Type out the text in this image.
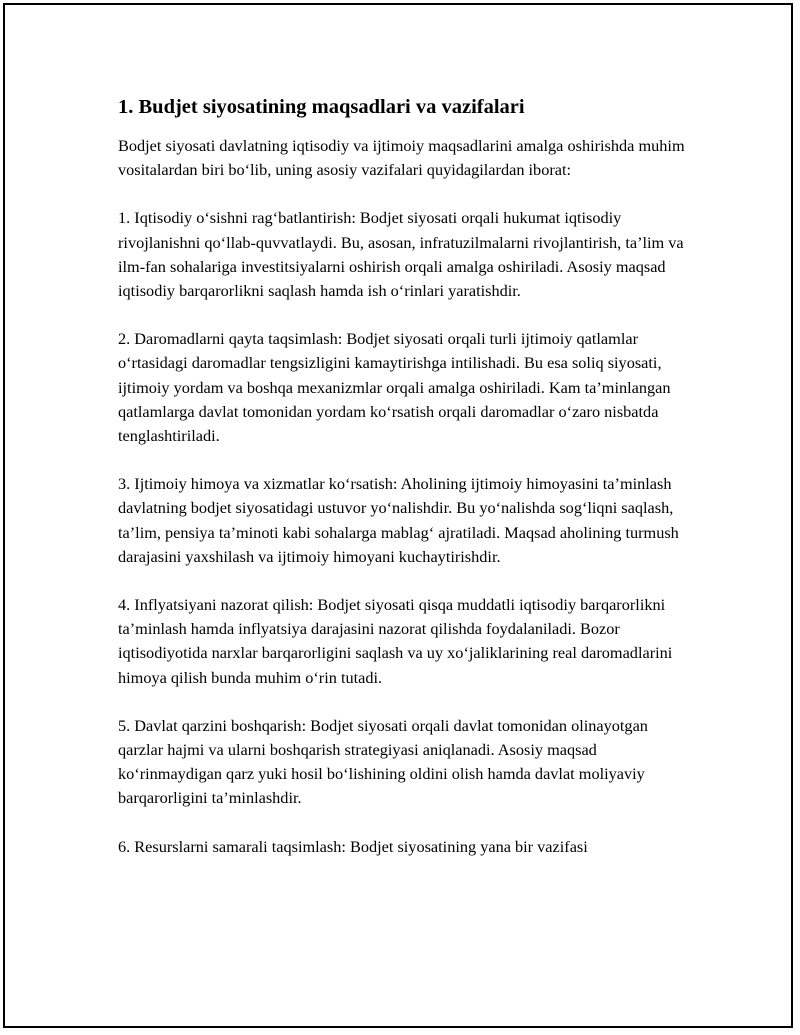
1. Budjet siyosatining maqsadlari va vazifalari

Bodjet siyosati davlatning iqtisodiy va ijtimoiy maqsadlarini amalga oshirishda muhim vositalardan biri bo‘lib, uning asosiy vazifalari quyidagilardan iborat:

1. Iqtisodiy o‘sishni rag‘batlantirish: Bodjet siyosati orqali hukumat iqtisodiy rivojlanishni qo‘llab-quvvatlaydi. Bu, asosan, infratuzilmalarni rivojlantirish, ta’lim va ilm-fan sohalariga investitsiyalarni oshirish orqali amalga oshiriladi. Asosiy maqsad iqtisodiy barqarorlikni saqlash hamda ish o‘rinlari yaratishdir.

2. Daromadlarni qayta taqsimlash: Bodjet siyosati orqali turli ijtimoiy qatlamlar o‘rtasidagi daromadlar tengsizligini kamaytirishga intilishadi. Bu esa soliq siyosati, ijtimoiy yordam va boshqa mexanizmlar orqali amalga oshiriladi. Kam ta’minlangan qatlamlarga davlat tomonidan yordam ko‘rsatish orqali daromadlar o‘zaro nisbatda tenglashtiriladi.

3. Ijtimoiy himoya va xizmatlar ko‘rsatish: Aholining ijtimoiy himoyasini ta’minlash davlatning bodjet siyosatidagi ustuvor yo‘nalishdir. Bu yo‘nalishda sog‘liqni saqlash, ta’lim, pensiya ta’minoti kabi sohalarga mablag‘ ajratiladi. Maqsad aholining turmush darajasini yaxshilash va ijtimoiy himoyani kuchaytirishdir.

4. Inflyatsiyani nazorat qilish: Bodjet siyosati qisqa muddatli iqtisodiy barqarorlikni ta’minlash hamda inflyatsiya darajasini nazorat qilishda foydalaniladi. Bozor iqtisodiyotida narxlar barqarorligini saqlash va uy xo‘jaliklarining real daromadlarini himoya qilish bunda muhim o‘rin tutadi.

5. Davlat qarzini boshqarish: Bodjet siyosati orqali davlat tomonidan olinayotgan qarzlar hajmi va ularni boshqarish strategiyasi aniqlanadi. Asosiy maqsad ko‘rinmaydigan qarz yuki hosil bo‘lishining oldini olish hamda davlat moliyaviy barqarorligini ta’minlashdir.

6. Resurslarni samarali taqsimlash: Bodjet siyosatining yana bir vazifasi
